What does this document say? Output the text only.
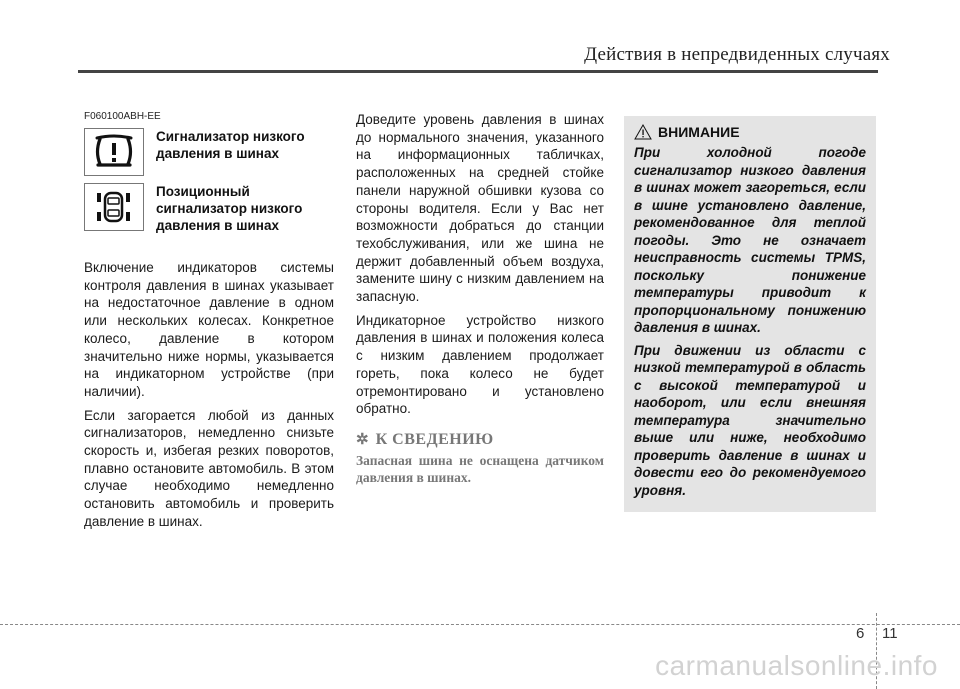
Действия в непредвиденных случаях
F060100ABH-EE
Сигнализатор низкого
давления в шинах
Позиционный
сигнализатор низкого
давления в шинах

Включение индикаторов системы контроля давления в шинах указывает на недостаточное давление в одном или нескольких колесах. Конкретное колесо, давление в котором значительно ниже нормы, указывается на индикаторном устройстве (при наличии).

Если загорается любой из данных сигнализаторов, немедленно снизьте скорость и, избегая резких поворотов, плавно остановите автомобиль. В этом случае необходимо немедленно остановить автомобиль и проверить давление в шинах.

Доведите уровень давления в шинах до нормального значения, указанного на информационных табличках, расположенных на средней стойке панели наружной обшивки кузова со стороны водителя. Если у Вас нет возможности добраться до станции техобслуживания, или же шина не держит добавленный объем воздуха, замените шину с низким давлением на запасную.

Индикаторное устройство низкого давления в шинах и положения колеса с низким давлением продолжает гореть, пока колесо не будет отремонтировано и установлено обратно.

✲ К СВЕДЕНИЮ
Запасная шина не оснащена датчиком давления в шинах.
ВНИМАНИЕ

При холодной погоде сигнализатор низкого давления в шинах может загореться, если в шине установлено давление, рекомендованное для теплой погоды. Это не означает неисправность системы TPMS, поскольку понижение температуры приводит к пропорциональному понижению давления в шинах.

При движении из области с низкой температурой в область с высокой температурой и наоборот, или если внешняя температура значительно выше или ниже, необходимо проверить давление в шинах и довести его до рекомендуемого уровня.

6 11
carmanualsonline.info
